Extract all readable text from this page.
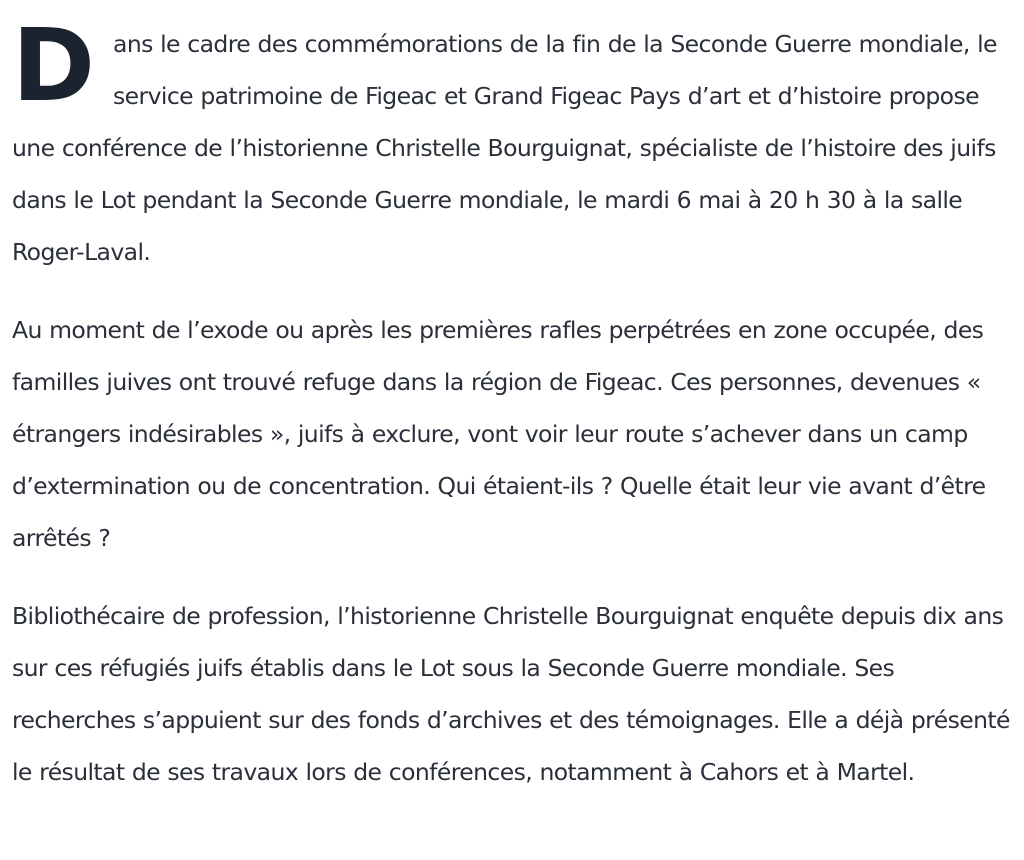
D ans le cadre des commémorations de la fin de la Seconde Guerre mondiale, le service patrimoine de Figeac et Grand Figeac Pays d’art et d’histoire propose une conférence de l’historienne Christelle Bourguignat, spécialiste de l’histoire des juifs dans le Lot pendant la Seconde Guerre mondiale, le mardi 6 mai à 20 h 30 à la salle Roger-Laval.

Au moment de l’exode ou après les premières rafles perpétrées en zone occupée, des familles juives ont trouvé refuge dans la région de Figeac. Ces personnes, devenues « étrangers indésirables », juifs à exclure, vont voir leur route s’achever dans un camp d’extermination ou de concentration. Qui étaient-ils ? Quelle était leur vie avant d’être arrêtés ?

Bibliothécaire de profession, l’historienne Christelle Bourguignat enquête depuis dix ans sur ces réfugiés juifs établis dans le Lot sous la Seconde Guerre mondiale. Ses recherches s’appuient sur des fonds d’archives et des témoignages. Elle a déjà présenté le résultat de ses travaux lors de conférences, notamment à Cahors et à Martel.
